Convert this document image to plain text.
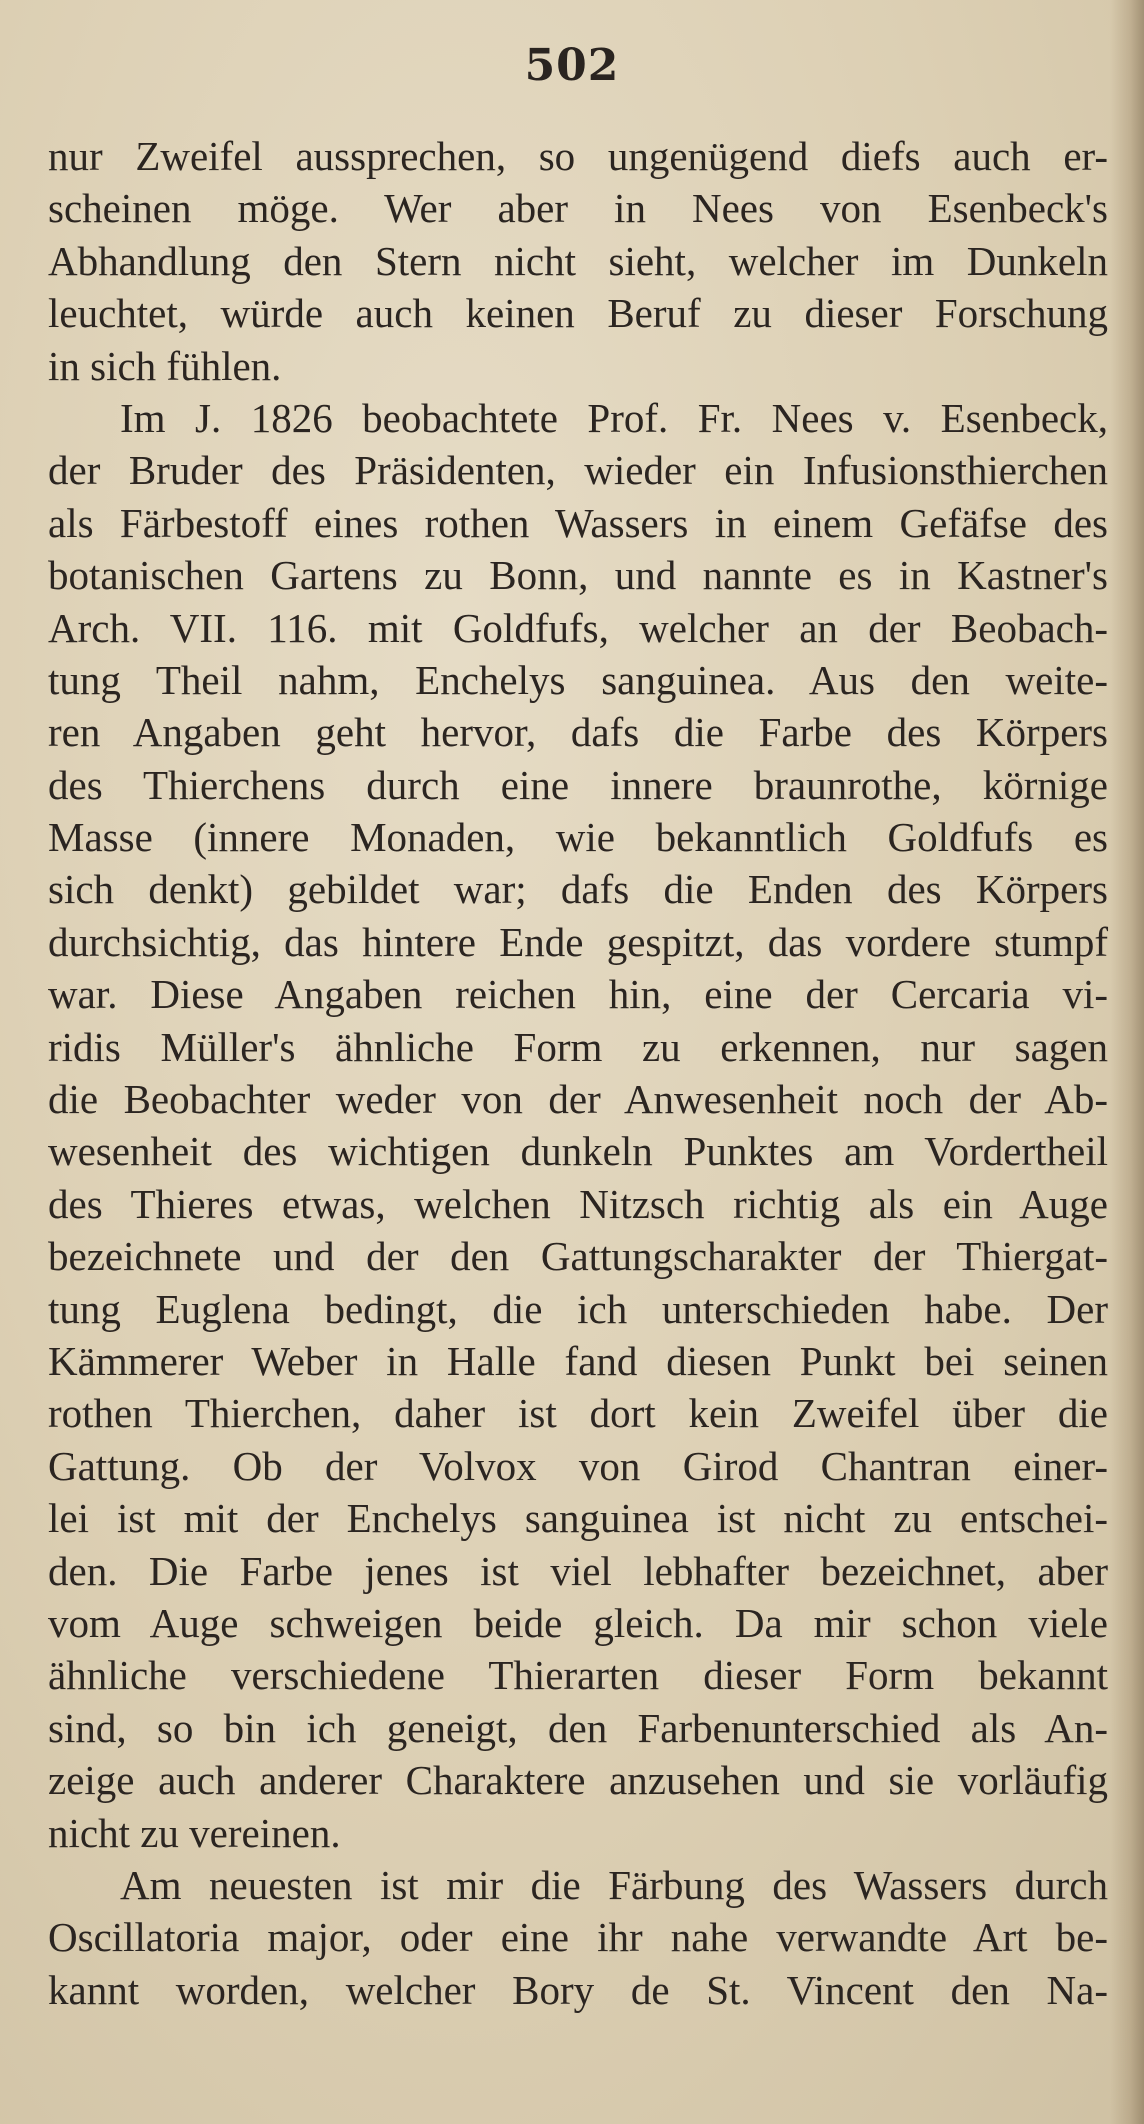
502
nur Zweifel aussprechen, so ungenügend diefs auch er-
scheinen möge. Wer aber in Nees von Esenbeck's
Abhandlung den Stern nicht sieht, welcher im Dunkeln
leuchtet, würde auch keinen Beruf zu dieser Forschung
in sich fühlen.
Im J. 1826 beobachtete Prof. Fr. Nees v. Esenbeck,
der Bruder des Präsidenten, wieder ein Infusionsthierchen
als Färbestoff eines rothen Wassers in einem Gefäfse des
botanischen Gartens zu Bonn, und nannte es in Kastner's
Arch. VII. 116. mit Goldfufs, welcher an der Beobach-
tung Theil nahm, Enchelys sanguinea. Aus den weite-
ren Angaben geht hervor, dafs die Farbe des Körpers
des Thierchens durch eine innere braunrothe, körnige
Masse (innere Monaden, wie bekanntlich Goldfufs es
sich denkt) gebildet war; dafs die Enden des Körpers
durchsichtig, das hintere Ende gespitzt, das vordere stumpf
war. Diese Angaben reichen hin, eine der Cercaria vi-
ridis Müller's ähnliche Form zu erkennen, nur sagen
die Beobachter weder von der Anwesenheit noch der Ab-
wesenheit des wichtigen dunkeln Punktes am Vordertheil
des Thieres etwas, welchen Nitzsch richtig als ein Auge
bezeichnete und der den Gattungscharakter der Thiergat-
tung Euglena bedingt, die ich unterschieden habe. Der
Kämmerer Weber in Halle fand diesen Punkt bei seinen
rothen Thierchen, daher ist dort kein Zweifel über die
Gattung. Ob der Volvox von Girod Chantran einer-
lei ist mit der Enchelys sanguinea ist nicht zu entschei-
den. Die Farbe jenes ist viel lebhafter bezeichnet, aber
vom Auge schweigen beide gleich. Da mir schon viele
ähnliche verschiedene Thierarten dieser Form bekannt
sind, so bin ich geneigt, den Farbenunterschied als An-
zeige auch anderer Charaktere anzusehen und sie vorläufig
nicht zu vereinen.
Am neuesten ist mir die Färbung des Wassers durch
Oscillatoria major, oder eine ihr nahe verwandte Art be-
kannt worden, welcher Bory de St. Vincent den Na-
